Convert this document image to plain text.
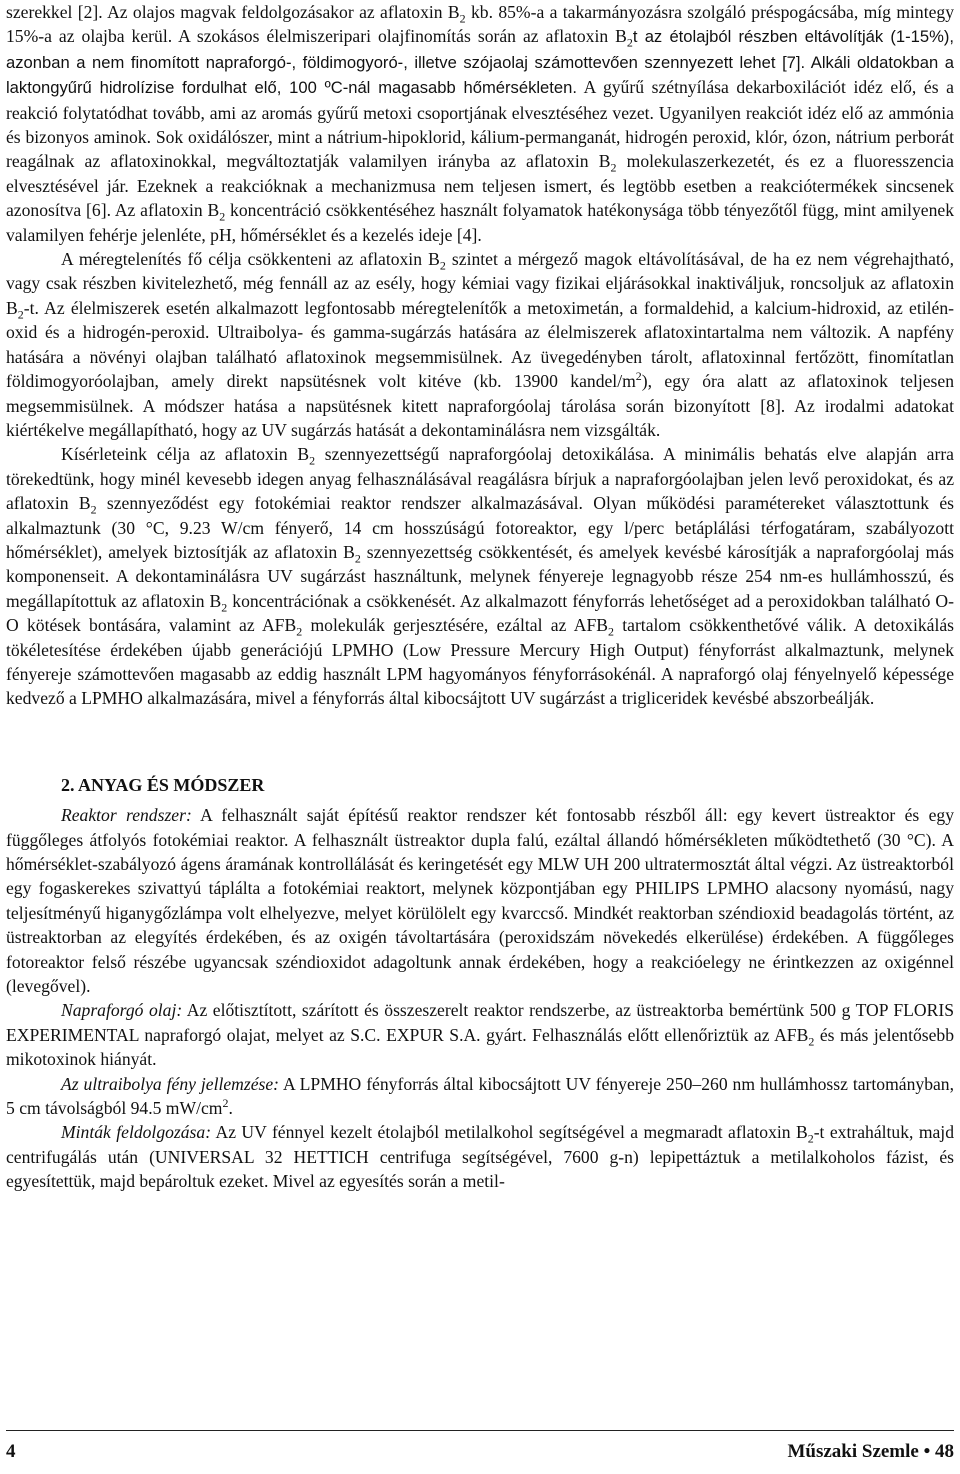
szerekkel [2]. Az olajos magvak feldolgozásakor az aflatoxin $B_2$ kb. 85%-a a takarmányozásra szolgáló préspogácsába, míg mintegy 15%-a az olajba kerül. A szokásos élelmiszeripari olajfinomítás során az aflatoxin $B_2t$ az étolajból részben eltávolítják (1-15%), azonban a nem finomított napraforgó-, földimogyoró-, illetve szójaolaj számottevően szennyezett lehet [7]. Alkáli oldatokban a laktongyűrű hidrolízise fordulhat elő, 100 ºC-nál magasabb hőmérsékleten. A gyűrű szétnyílása dekarboxilációt idéz elő, és a reakció folytatódhat tovább, ami az aromás gyűrű metoxi csoportjának elvesztéséhez vezet. Ugyanilyen reakciót idéz elő az ammónia és bizonyos aminok. Sok oxidálószer, mint a nátrium-hipoklorid, kálium-permanganát, hidrogén peroxid, klór, ózon, nátrium perborát reagálnak az aflatoxinokkal, megváltoztatják valamilyen irányba az aflatoxin $B_2$ molekulaszerkezetét, és ez a fluoresszencia elvesztésével jár. Ezeknek a reakcióknak a mechanizmusa nem teljesen ismert, és legtöbb esetben a reakciótermékek sincsenek azonosítva [6]. Az aflatoxin $B_2$ koncentráció csökkentéséhez használt folyamatok hatékonysága több tényezőtől függ, mint amilyenek valamilyen fehérje jelenléte, pH, hőmérséklet és a kezelés ideje [4].

A méregtelenítés fő célja csökkenteni az aflatoxin $B_2$ szintet a mérgező magok eltávolításával, de ha ez nem végrehajtható, vagy csak részben kivitelezhető, még fennáll az az esély, hogy kémiai vagy fizikai eljárásokkal inaktiváljuk, roncsoljuk az aflatoxin $B_2-t$. Az élelmiszerek esetén alkalmazott legfontosabb méregtelenítők a metoximetán, a formaldehid, a kalcium-hidroxid, az etilén-oxid és a hidrogén-peroxid. Ultraibolya- és gamma-sugárzás hatására az élelmiszerek aflatoxintartalma nem változik. A napfény hatására a növényi olajban található aflatoxinok megsemmisülnek. Az üvegedényben tárolt, aflatoxinnal fertőzött, finomítatlan földimogyoróolajban, amely direkt napsütésnek volt kitéve (kb. 13900 kandel/$m^2$), egy óra alatt az aflatoxinok teljesen megsemmisülnek. A módszer hatása a napsütésnek kitett napraforgóolaj tárolása során bizonyított [8]. Az irodalmi adatokat kiértékelve megállapítható, hogy az UV sugárzás hatását a dekontaminálásra nem vizsgálták.

Kísérleteink célja az aflatoxin $B_2$ szennyezettségű napraforgóolaj detoxikálása. A minimális behatás elve alapján arra törekedtünk, hogy minél kevesebb idegen anyag felhasználásával reagálásra bírjuk a napraforgóolajban jelen levő peroxidokat, és az aflatoxin $B_2$ szennyeződést egy fotokémiai reaktor rendszer alkalmazásával. Olyan működési paramétereket választottunk és alkalmaztunk (30 °C, 9.23 W/cm fényerő, 14 cm hosszúságú fotoreaktor, egy l/perc betáplálási térfogatáram, szabályozott hőmérséklet), amelyek biztosítják az aflatoxin $B_2$ szennyezettség csökkentését, és amelyek kevésbé károsítják a napraforgóolaj más komponenseit. A dekontaminálásra UV sugárzást használtunk, melynek fényereje legnagyobb része 254 nm-es hullámhosszú, és megállapítottuk az aflatoxin $B_2$ koncentrációnak a csökkenését. Az alkalmazott fényforrás lehetőséget ad a peroxidokban található O-O kötések bontására, valamint az $AFB_2$ molekulák gerjesztésére, ezáltal az $AFB_2$ tartalom csökkenthetővé válik. A detoxikálás tökéletesítése érdekében újabb generációjú LPMHO (Low Pressure Mercury High Output) fényforrást alkalmaztunk, melynek fényereje számottevően magasabb az eddig használt LPM hagyományos fényforrásokénál. A napraforgó olaj fényelnyelő képessége kedvező a LPMHO alkalmazására, mivel a fényforrás által kibocsájtott UV sugárzást a trigliceridek kevésbé abszorbeálják.

2. ANYAG ÉS MÓDSZER

Reaktor rendszer: A felhasznált saját építésű reaktor rendszer két fontosabb részből áll: egy kevert üstreaktor és egy függőleges átfolyós fotokémiai reaktor. A felhasznált üstreaktor dupla falú, ezáltal állandó hőmérsékleten működtethető (30 °C). A hőmérséklet-szabályozó ágens áramának kontrollálását és keringetését egy MLW UH 200 ultratermosztát által végzi. Az üstreaktorból egy fogaskerekes szivattyú táplálta a fotokémiai reaktort, melynek központjában egy PHILIPS LPMHO alacsony nyomású, nagy teljesítményű higanygőzlámpa volt elhelyezve, melyet körülölelt egy kvarccső. Mindkét reaktorban széndioxid beadagolás történt, az üstreaktorban az elegyítés érdekében, és az oxigén távoltartására (peroxidszám növekedés elkerülése) érdekében. A függőleges fotoreaktor felső részébe ugyancsak széndioxidot adagoltunk annak érdekében, hogy a reakcióelegy ne érintkezzen az oxigénnel (levegővel).

Napraforgó olaj: Az előtisztított, szárított és összeszerelt reaktor rendszerbe, az üstreaktorba bemértünk 500 g TOP FLORIS EXPERIMENTAL napraforgó olajat, melyet az S.C. EXPUR S.A. gyárt. Felhasználás előtt ellenőriztük az $AFB_2$ és más jelentősebb mikotoxinok hiányát.

Az ultraibolya fény jellemzése: A LPMHO fényforrás által kibocsájtott UV fényereje 250–260 nm hullámhossz tartományban, 5 cm távolságból 94.5 $mW/cm^2$.

Minták feldolgozása: Az UV fénnyel kezelt étolajból metilalkohol segítségével a megmaradt aflatoxin $B_2-t$ extraháltuk, majd centrifugálás után (UNIVERSAL 32 HETTICH centrifuga segítségével, 7600 g-n) lepipettáztuk a metilalkoholos fázist, és egyesítettük, majd bepároltuk ezeket. Mivel az egyesítés során a metil-

4	Műszaki Szemle • 48
